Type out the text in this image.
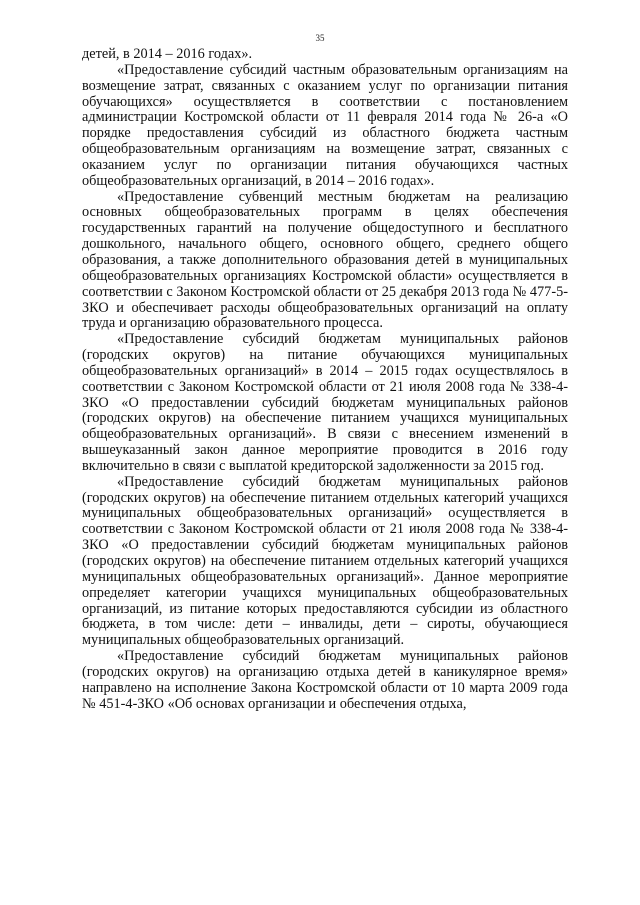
35

детей, в 2014 – 2016 годах».

«Предоставление субсидий частным образовательным организациям на возмещение затрат, связанных с оказанием услуг по организации питания обучающихся» осуществляется в соответствии с постановлением администрации Костромской области от 11 февраля 2014 года № 26-а «О порядке предоставления субсидий из областного бюджета частным общеобразовательным организациям на возмещение затрат, связанных с оказанием услуг по организации питания обучающихся частных общеобразовательных организаций, в 2014 – 2016 годах».

«Предоставление субвенций местным бюджетам на реализацию основных общеобразовательных программ в целях обеспечения государственных гарантий на получение общедоступного и бесплатного дошкольного, начального общего, основного общего, среднего общего образования, а также дополнительного образования детей в муниципальных общеобразовательных организациях Костромской области» осуществляется в соответствии с Законом Костромской области от 25 декабря 2013 года № 477-5-ЗКО и обеспечивает расходы общеобразовательных организаций на оплату труда и организацию образовательного процесса.

«Предоставление субсидий бюджетам муниципальных районов (городских округов) на питание обучающихся муниципальных общеобразовательных организаций» в 2014 – 2015 годах осуществлялось в соответствии с Законом Костромской области от 21 июля 2008 года № 338-4-ЗКО «О предоставлении субсидий бюджетам муниципальных районов (городских округов) на обеспечение питанием учащихся муниципальных общеобразовательных организаций». В связи с внесением изменений в вышеуказанный закон данное мероприятие проводится в 2016 году включительно в связи с выплатой кредиторской задолженности за 2015 год.

«Предоставление субсидий бюджетам муниципальных районов (городских округов) на обеспечение питанием отдельных категорий учащихся муниципальных общеобразовательных организаций» осуществляется в соответствии с Законом Костромской области от 21 июля 2008 года № 338-4-ЗКО «О предоставлении субсидий бюджетам муниципальных районов (городских округов) на обеспечение питанием отдельных категорий учащихся муниципальных общеобразовательных организаций». Данное мероприятие определяет категории учащихся муниципальных общеобразовательных организаций, из питание которых предоставляются субсидии из областного бюджета, в том числе: дети – инвалиды, дети – сироты, обучающиеся муниципальных общеобразовательных организаций.

«Предоставление субсидий бюджетам муниципальных районов (городских округов) на организацию отдыха детей в каникулярное время» направлено на исполнение Закона Костромской области от 10 марта 2009 года № 451-4-ЗКО «Об основах организации и обеспечения отдыха,
